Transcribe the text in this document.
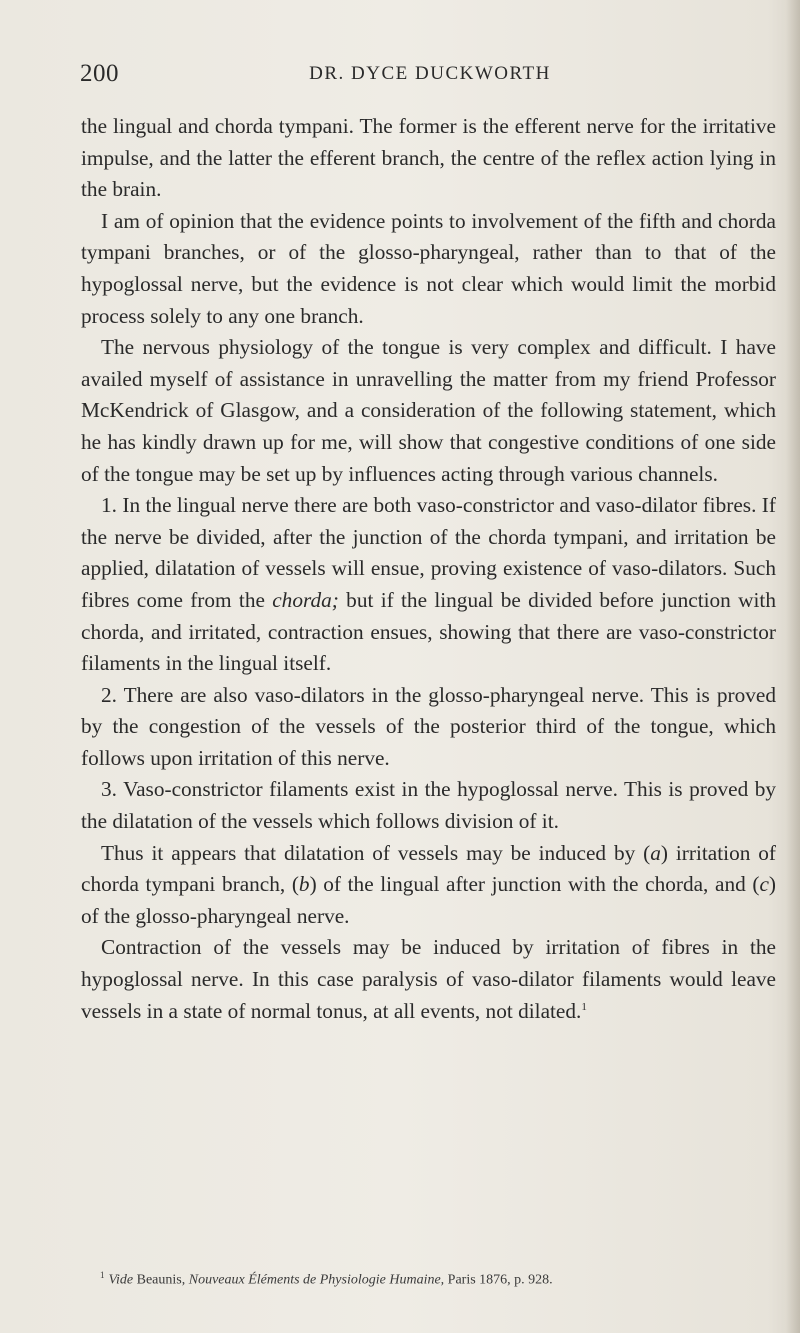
200	DR. DYCE DUCKWORTH

the lingual and chorda tympani. The former is the efferent nerve for the irritative impulse, and the latter the efferent branch, the centre of the reflex action lying in the brain.

I am of opinion that the evidence points to involvement of the fifth and chorda tympani branches, or of the glosso-pharyngeal, rather than to that of the hypoglossal nerve, but the evidence is not clear which would limit the morbid process solely to any one branch.

The nervous physiology of the tongue is very complex and difficult. I have availed myself of assistance in unravelling the matter from my friend Professor McKendrick of Glasgow, and a consideration of the following statement, which he has kindly drawn up for me, will show that congestive conditions of one side of the tongue may be set up by influences acting through various channels.

1. In the lingual nerve there are both vaso-constrictor and vaso-dilator fibres. If the nerve be divided, after the junction of the chorda tympani, and irritation be applied, dilatation of vessels will ensue, proving existence of vaso-dilators. Such fibres come from the chorda; but if the lingual be divided before junction with chorda, and irritated, contraction ensues, showing that there are vaso-constrictor filaments in the lingual itself.

2. There are also vaso-dilators in the glosso-pharyngeal nerve. This is proved by the congestion of the vessels of the posterior third of the tongue, which follows upon irritation of this nerve.

3. Vaso-constrictor filaments exist in the hypoglossal nerve. This is proved by the dilatation of the vessels which follows division of it.

Thus it appears that dilatation of vessels may be induced by (a) irritation of chorda tympani branch, (b) of the lingual after junction with the chorda, and (c) of the glosso-pharyngeal nerve.

Contraction of the vessels may be induced by irritation of fibres in the hypoglossal nerve. In this case paralysis of vaso-dilator filaments would leave vessels in a state of normal tonus, at all events, not dilated.$^1$

$^1$ Vide Beaunis, Nouveaux Éléments de Physiologie Humaine, Paris 1876, p. 928.
